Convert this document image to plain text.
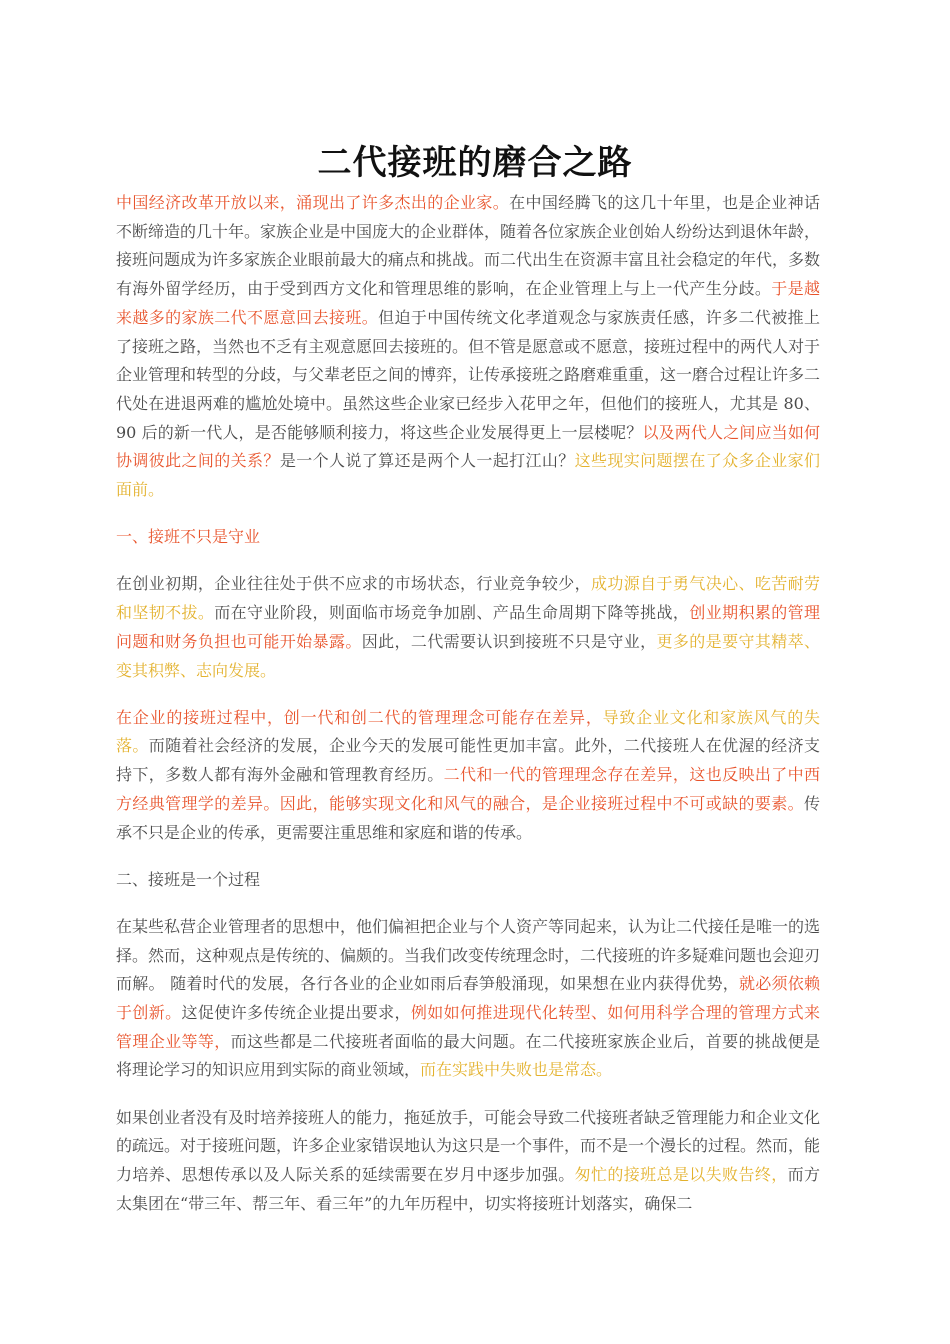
二代接班的磨合之路

中国经济改革开放以来，涌现出了许多杰出的企业家。在中国经腾飞的这几十年里，也是企业神话不断缔造的几十年。家族企业是中国庞大的企业群体，随着各位家族企业创始人纷纷达到退休年龄，接班问题成为许多家族企业眼前最大的痛点和挑战。而二代出生在资源丰富且社会稳定的年代，多数有海外留学经历，由于受到西方文化和管理思维的影响，在企业管理上与上一代产生分歧。于是越来越多的家族二代不愿意回去接班。但迫于中国传统文化孝道观念与家族责任感，许多二代被推上了接班之路，当然也不乏有主观意愿回去接班的。但不管是愿意或不愿意，接班过程中的两代人对于企业管理和转型的分歧，与父辈老臣之间的博弈，让传承接班之路磨难重重，这一磨合过程让许多二代处在进退两难的尴尬处境中。虽然这些企业家已经步入花甲之年，但他们的接班人，尤其是 80、90 后的新一代人，是否能够顺利接力，将这些企业发展得更上一层楼呢？以及两代人之间应当如何协调彼此之间的关系？是一个人说了算还是两个人一起打江山？这些现实问题摆在了众多企业家们面前。

一、接班不只是守业

在创业初期，企业往往处于供不应求的市场状态，行业竞争较少，成功源自于勇气决心、吃苦耐劳和坚韧不拔。而在守业阶段，则面临市场竞争加剧、产品生命周期下降等挑战，创业期积累的管理问题和财务负担也可能开始暴露。因此，二代需要认识到接班不只是守业，更多的是要守其精萃、变其积弊、志向发展。

在企业的接班过程中，创一代和创二代的管理理念可能存在差异，导致企业文化和家族风气的失落。而随着社会经济的发展，企业今天的发展可能性更加丰富。此外，二代接班人在优渥的经济支持下，多数人都有海外金融和管理教育经历。二代和一代的管理理念存在差异，这也反映出了中西方经典管理学的差异。因此，能够实现文化和风气的融合，是企业接班过程中不可或缺的要素。传承不只是企业的传承，更需要注重思维和家庭和谐的传承。

二、接班是一个过程

在某些私营企业管理者的思想中，他们偏袒把企业与个人资产等同起来，认为让二代接任是唯一的选择。然而，这种观点是传统的、偏颇的。当我们改变传统理念时，二代接班的许多疑难问题也会迎刃而解。 随着时代的发展，各行各业的企业如雨后春笋般涌现，如果想在业内获得优势，就必须依赖于创新。这促使许多传统企业提出要求，例如如何推进现代化转型、如何用科学合理的管理方式来管理企业等等，而这些都是二代接班者面临的最大问题。在二代接班家族企业后，首要的挑战便是将理论学习的知识应用到实际的商业领域，而在实践中失败也是常态。

如果创业者没有及时培养接班人的能力，拖延放手，可能会导致二代接班者缺乏管理能力和企业文化的疏远。对于接班问题，许多企业家错误地认为这只是一个事件，而不是一个漫长的过程。然而，能力培养、思想传承以及人际关系的延续需要在岁月中逐步加强。匆忙的接班总是以失败告终，而方太集团在“带三年、帮三年、看三年”的九年历程中，切实将接班计划落实，确保二
